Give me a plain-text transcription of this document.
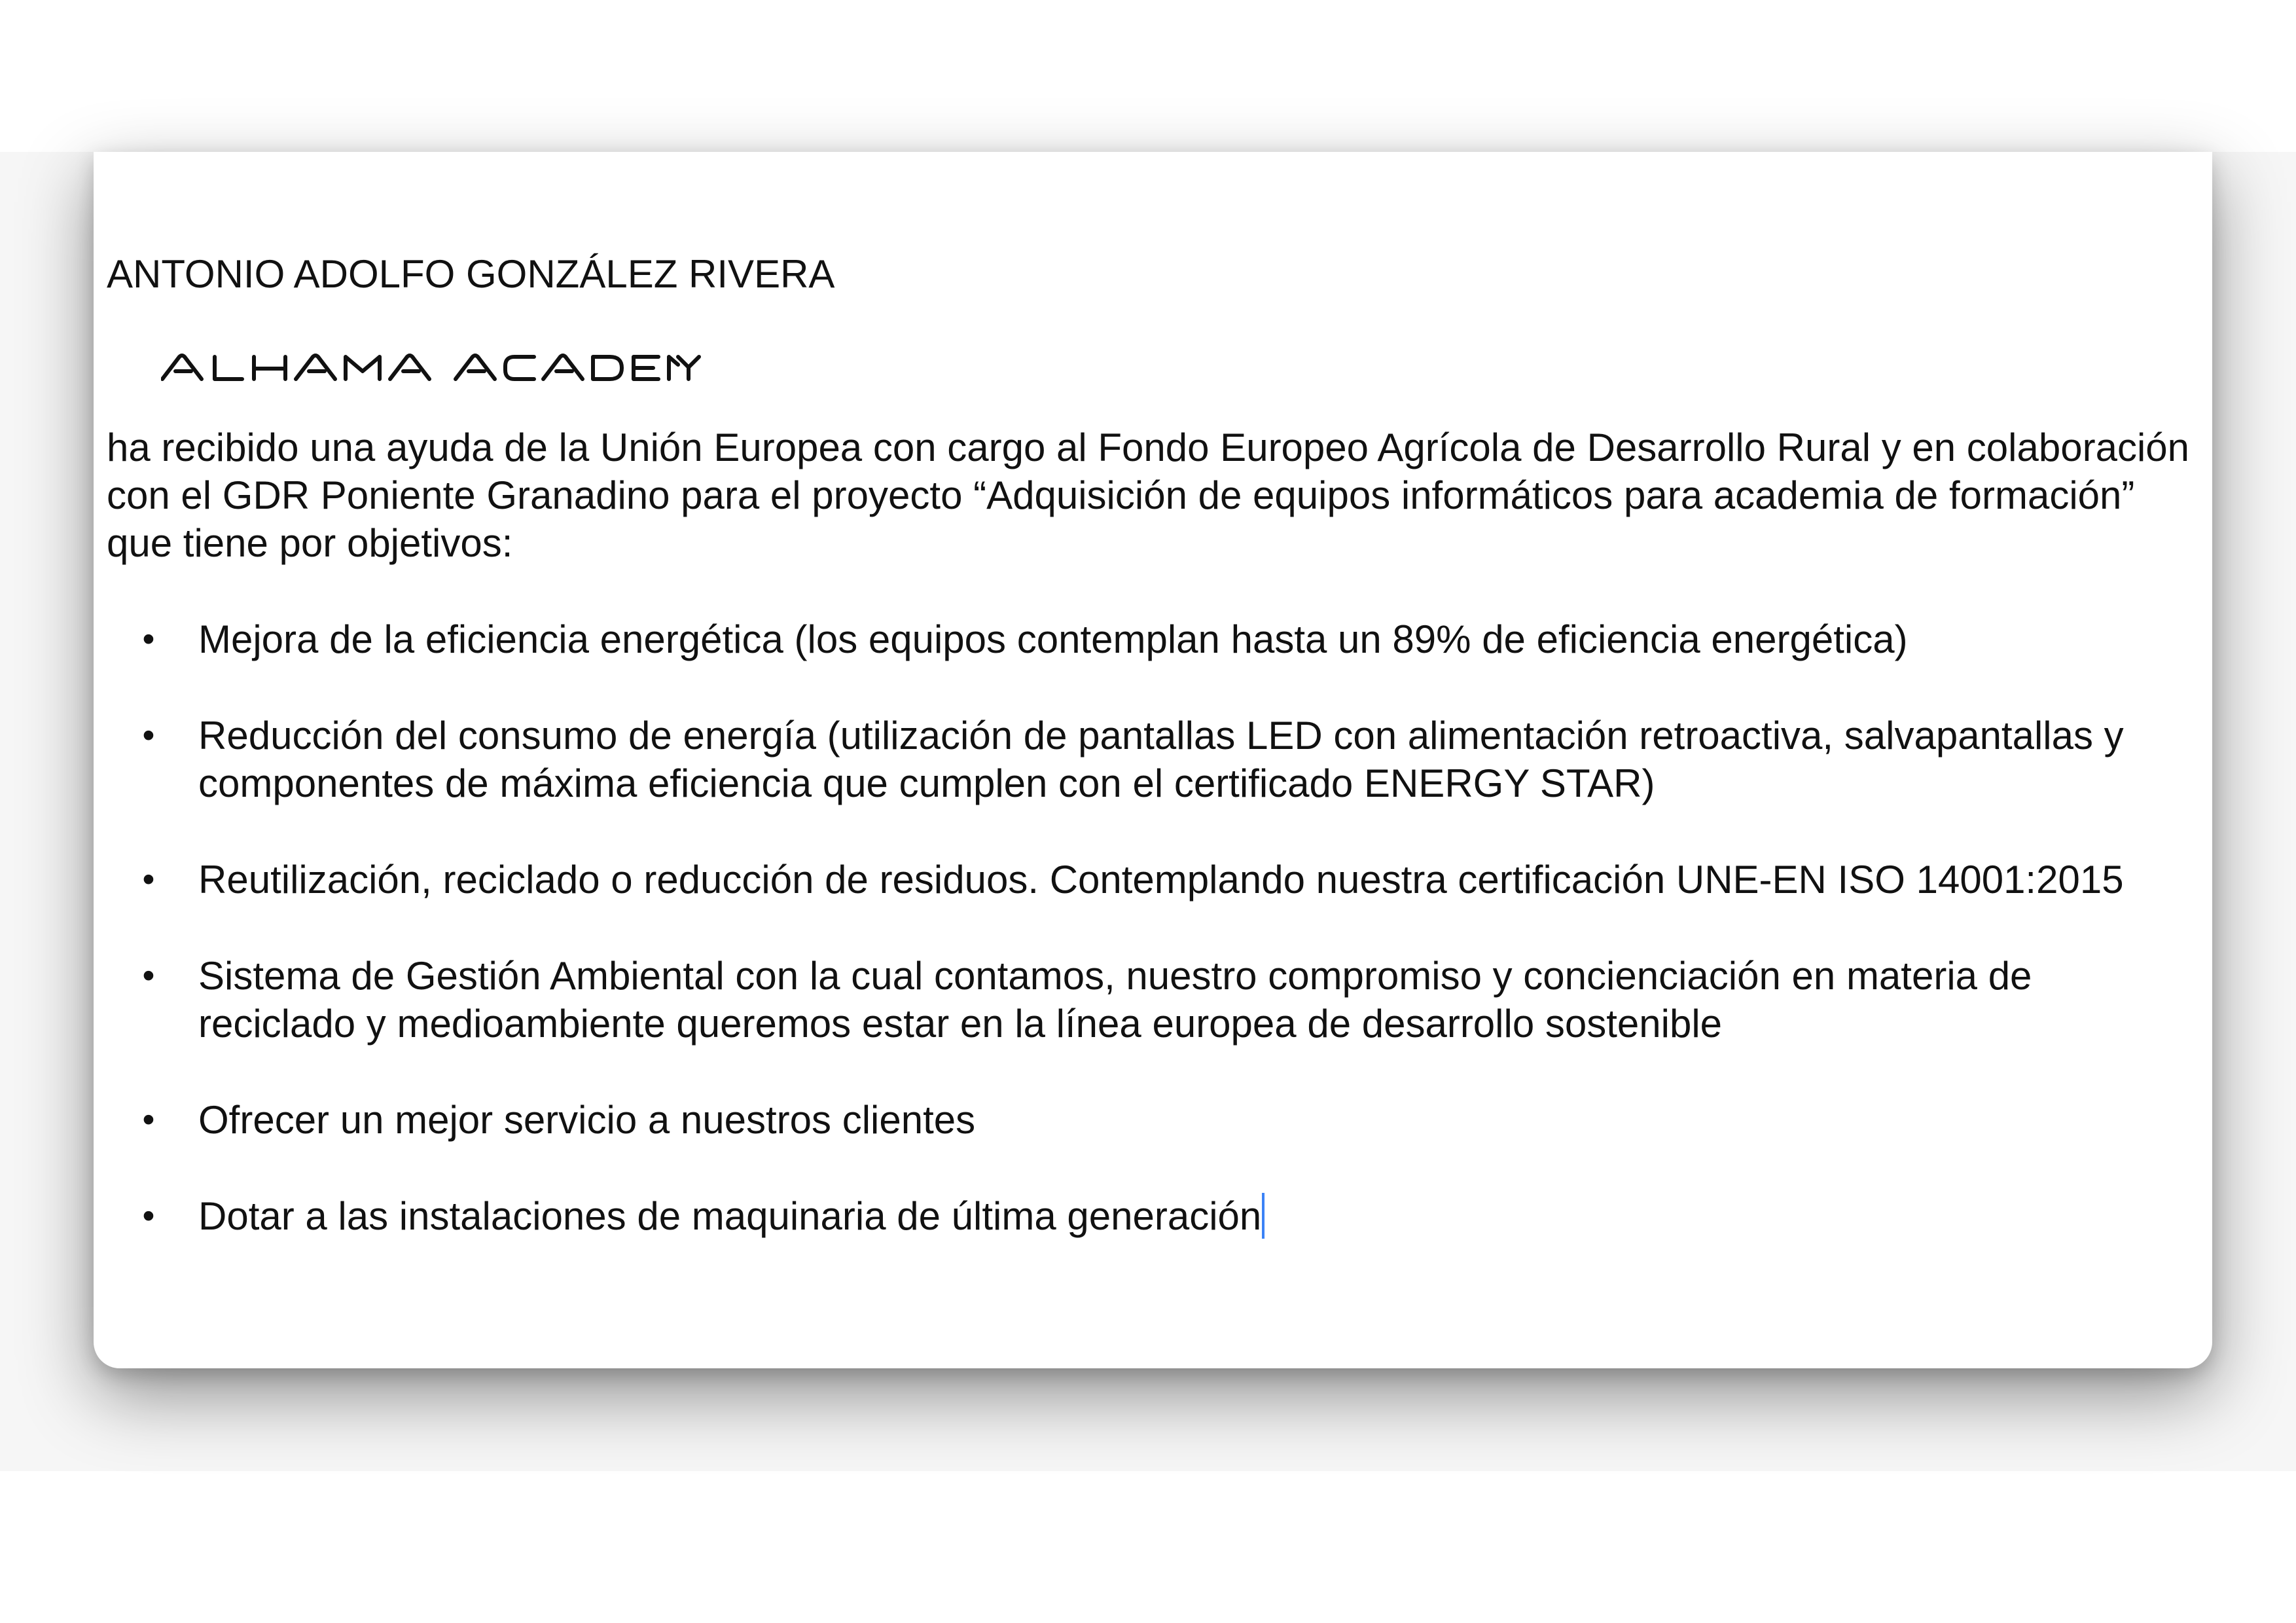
ANTONIO ADOLFO GONZÁLEZ RIVERA

ha recibido una ayuda de la Unión Europea con cargo al Fondo Europeo Agrícola de Desarrollo Rural y en colaboración con el GDR Poniente Granadino para el proyecto “Adquisición de equipos informáticos para academia de formación” que tiene por objetivos:

• Mejora de la eficiencia energética (los equipos contemplan hasta un 89% de eficiencia energética)
• Reducción del consumo de energía (utilización de pantallas LED con alimentación retroactiva, salvapantallas y componentes de máxima eficiencia que cumplen con el certificado ENERGY STAR)
• Reutilización, reciclado o reducción de residuos. Contemplando nuestra certificación UNE-EN ISO 14001:2015
• Sistema de Gestión Ambiental con la cual contamos, nuestro compromiso y concienciación en materia de reciclado y medioambiente queremos estar en la línea europea de desarrollo sostenible
• Ofrecer un mejor servicio a nuestros clientes
• Dotar a las instalaciones de maquinaria de última generación
